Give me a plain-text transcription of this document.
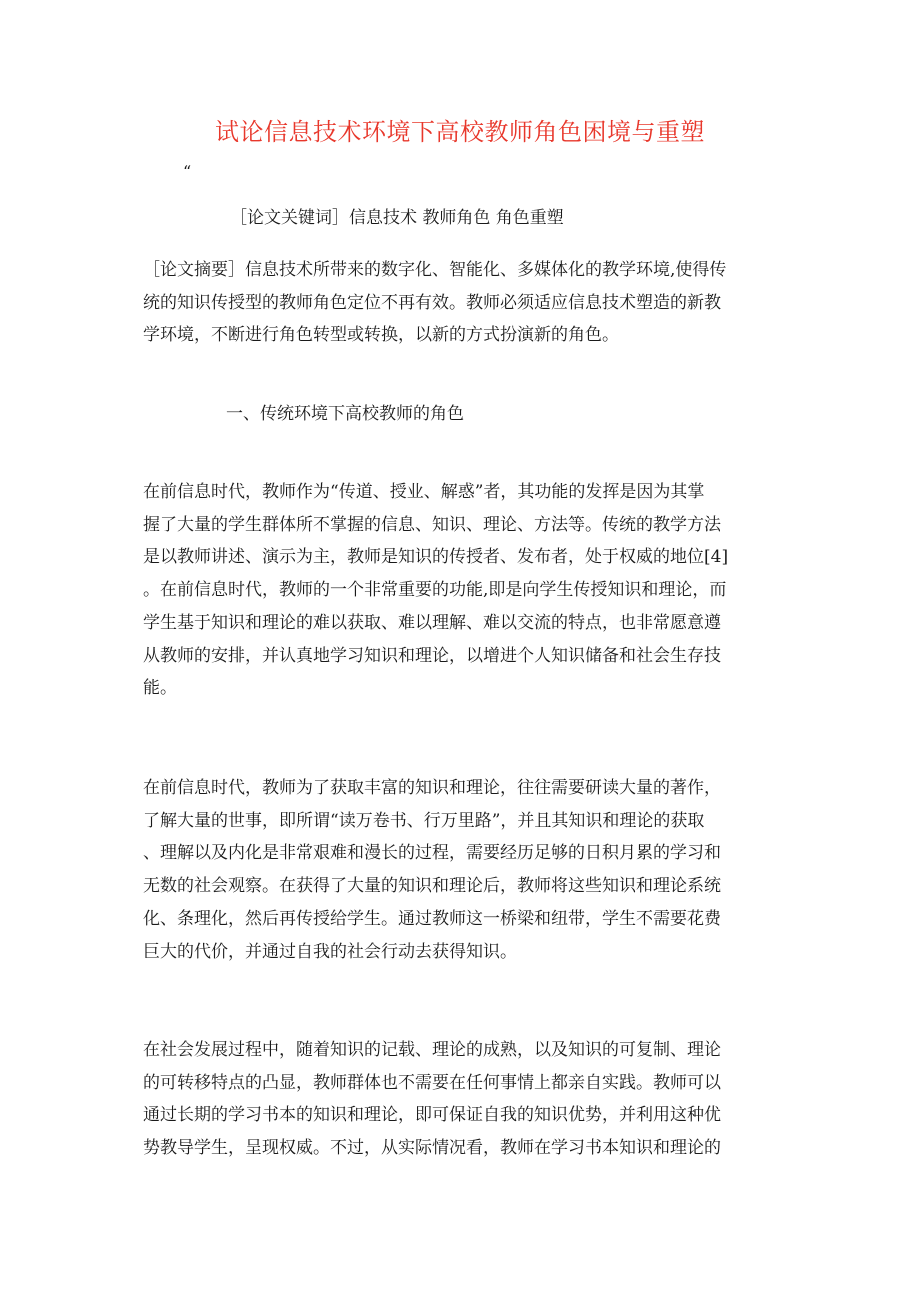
试论信息技术环境下高校教师角色困境与重塑
“
［论文关键词］信息技术 教师角色 角色重塑

［论文摘要］信息技术所带来的数字化、智能化、多媒体化的教学环境,使得传
统的知识传授型的教师角色定位不再有效。教师必须适应信息技术塑造的新教
学环境，不断进行角色转型或转换，以新的方式扮演新的角色。

一、传统环境下高校教师的角色

在前信息时代，教师作为“传道、授业、解惑”者，其功能的发挥是因为其掌
握了大量的学生群体所不掌握的信息、知识、理论、方法等。传统的教学方法
是以教师讲述、演示为主，教师是知识的传授者、发布者，处于权威的地位[4]
。在前信息时代，教师的一个非常重要的功能,即是向学生传授知识和理论，而
学生基于知识和理论的难以获取、难以理解、难以交流的特点，也非常愿意遵
从教师的安排，并认真地学习知识和理论，以增进个人知识储备和社会生存技
能。

在前信息时代，教师为了获取丰富的知识和理论，往往需要研读大量的著作，
了解大量的世事，即所谓“读万卷书、行万里路”，并且其知识和理论的获取
、理解以及内化是非常艰难和漫长的过程，需要经历足够的日积月累的学习和
无数的社会观察。在获得了大量的知识和理论后，教师将这些知识和理论系统
化、条理化，然后再传授给学生。通过教师这一桥梁和纽带，学生不需要花费
巨大的代价，并通过自我的社会行动去获得知识。

在社会发展过程中，随着知识的记载、理论的成熟，以及知识的可复制、理论
的可转移特点的凸显，教师群体也不需要在任何事情上都亲自实践。教师可以
通过长期的学习书本的知识和理论，即可保证自我的知识优势，并利用这种优
势教导学生，呈现权威。不过，从实际情况看，教师在学习书本知识和理论的
